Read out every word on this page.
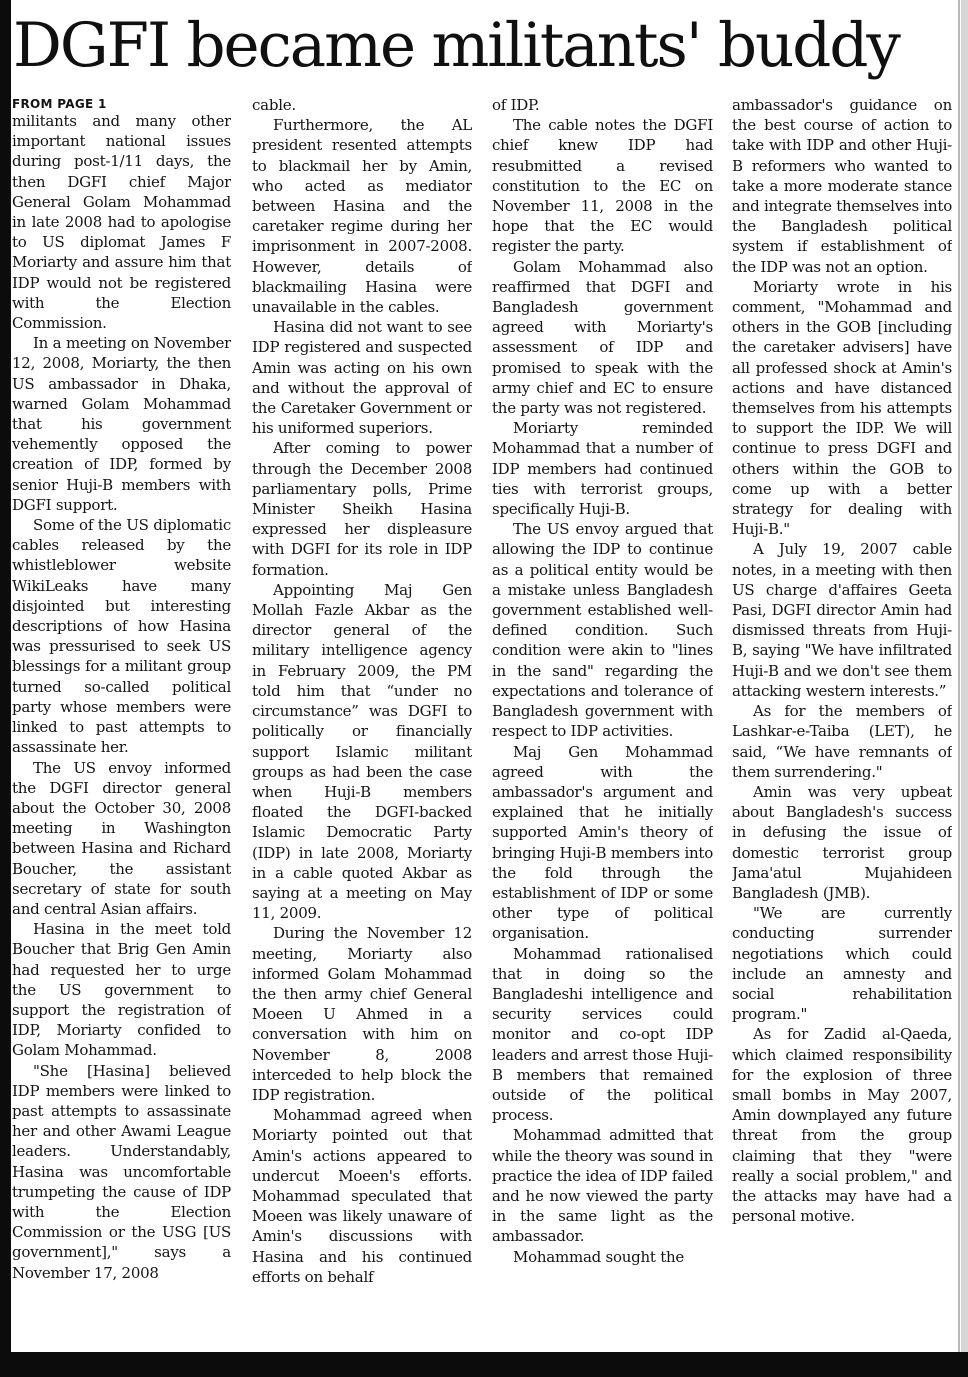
DGFI became militants' buddy
FROM PAGE 1

militants and many other important national issues during post-1/11 days, the then DGFI chief Major General Golam Mohammad in late 2008 had to apologise to US diplomat James F Moriarty and assure him that IDP would not be registered with the Election Commission.

In a meeting on November 12, 2008, Moriarty, the then US ambassador in Dhaka, warned Golam Mohammad that his government vehemently opposed the creation of IDP, formed by senior Huji-B members with DGFI support.

Some of the US diplomatic cables released by the whistleblower website WikiLeaks have many disjointed but interesting descriptions of how Hasina was pressurised to seek US blessings for a militant group turned so-called political party whose members were linked to past attempts to assassinate her.

The US envoy informed the DGFI director general about the October 30, 2008 meeting in Washington between Hasina and Richard Boucher, the assistant secretary of state for south and central Asian affairs.

Hasina in the meet told Boucher that Brig Gen Amin had requested her to urge the US government to support the registration of IDP, Moriarty confided to Golam Mohammad.

"She [Hasina] believed IDP members were linked to past attempts to assassinate her and other Awami League leaders. Understandably, Hasina was uncomfortable trumpeting the cause of IDP with the Election Commission or the USG [US government]," says a November 17, 2008

cable.

Furthermore, the AL president resented attempts to blackmail her by Amin, who acted as mediator between Hasina and the caretaker regime during her imprisonment in 2007-2008. However, details of blackmailing Hasina were unavailable in the cables.

Hasina did not want to see IDP registered and suspected Amin was acting on his own and without the approval of the Caretaker Government or his uniformed superiors.

After coming to power through the December 2008 parliamentary polls, Prime Minister Sheikh Hasina expressed her displeasure with DGFI for its role in IDP formation.

Appointing Maj Gen Mollah Fazle Akbar as the director general of the military intelligence agency in February 2009, the PM told him that “under no circumstance” was DGFI to politically or financially support Islamic militant groups as had been the case when Huji-B members floated the DGFI-backed Islamic Democratic Party (IDP) in late 2008, Moriarty in a cable quoted Akbar as saying at a meeting on May 11, 2009.

During the November 12 meeting, Moriarty also informed Golam Mohammad the then army chief General Moeen U Ahmed in a conversation with him on November 8, 2008 interceded to help block the IDP registration.

Mohammad agreed when Moriarty pointed out that Amin's actions appeared to undercut Moeen's efforts. Mohammad speculated that Moeen was likely unaware of Amin's discussions with Hasina and his continued efforts on behalf

of IDP.

The cable notes the DGFI chief knew IDP had resubmitted a revised constitution to the EC on November 11, 2008 in the hope that the EC would register the party.

Golam Mohammad also reaffirmed that DGFI and Bangladesh government agreed with Moriarty's assessment of IDP and promised to speak with the army chief and EC to ensure the party was not registered.

Moriarty reminded Mohammad that a number of IDP members had continued ties with terrorist groups, specifically Huji-B.

The US envoy argued that allowing the IDP to continue as a political entity would be a mistake unless Bangladesh government established well-defined condition. Such condition were akin to "lines in the sand" regarding the expectations and tolerance of Bangladesh government with respect to IDP activities.

Maj Gen Mohammad agreed with the ambassador's argument and explained that he initially supported Amin's theory of bringing Huji-B members into the fold through the establishment of IDP or some other type of political organisation.

Mohammad rationalised that in doing so the Bangladeshi intelligence and security services could monitor and co-opt IDP leaders and arrest those Huji-B members that remained outside of the political process.

Mohammad admitted that while the theory was sound in practice the idea of IDP failed and he now viewed the party in the same light as the ambassador.

Mohammad sought the

ambassador's guidance on the best course of action to take with IDP and other Huji-B reformers who wanted to take a more moderate stance and integrate themselves into the Bangladesh political system if establishment of the IDP was not an option.

Moriarty wrote in his comment, "Mohammad and others in the GOB [including the caretaker advisers] have all professed shock at Amin's actions and have distanced themselves from his attempts to support the IDP. We will continue to press DGFI and others within the GOB to come up with a better strategy for dealing with Huji-B."

A July 19, 2007 cable notes, in a meeting with then US charge d'affaires Geeta Pasi, DGFI director Amin had dismissed threats from Huji-B, saying "We have infiltrated Huji-B and we don't see them attacking western interests.”

As for the members of Lashkar-e-Taiba (LET), he said, “We have remnants of them surrendering."

Amin was very upbeat about Bangladesh's success in defusing the issue of domestic terrorist group Jama'atul Mujahideen Bangladesh (JMB).

"We are currently conducting surrender negotiations which could include an amnesty and social rehabilitation program."

As for Zadid al-Qaeda, which claimed responsibility for the explosion of three small bombs in May 2007, Amin downplayed any future threat from the group claiming that they "were really a social problem," and the attacks may have had a personal motive.
